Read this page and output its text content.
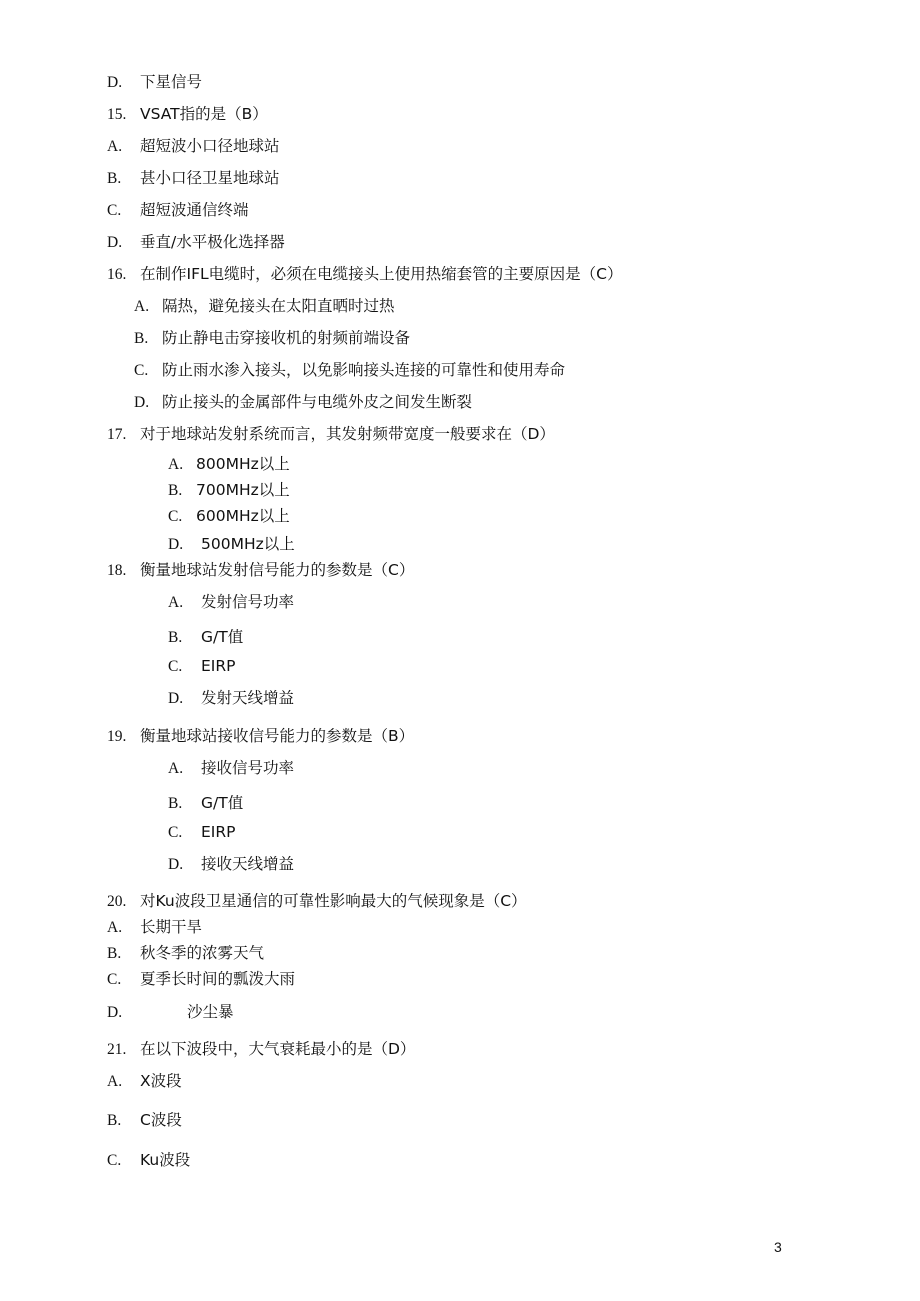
D. 下星信号
15. VSAT指的是（B）
A. 超短波小口径地球站
B. 甚小口径卫星地球站
C. 超短波通信终端
D. 垂直/水平极化选择器
16. 在制作IFL电缆时，必须在电缆接头上使用热缩套管的主要原因是（C）
A. 隔热，避免接头在太阳直晒时过热
B. 防止静电击穿接收机的射频前端设备
C. 防止雨水渗入接头，以免影响接头连接的可靠性和使用寿命
D. 防止接头的金属部件与电缆外皮之间发生断裂
17. 对于地球站发射系统而言，其发射频带宽度一般要求在（D）
A. 800MHz以上
B. 700MHz以上
C. 600MHz以上
D. 500MHz以上
18. 衡量地球站发射信号能力的参数是（C）
A. 发射信号功率
B. G/T值
C. EIRP
D. 发射天线增益
19. 衡量地球站接收信号能力的参数是（B）
A. 接收信号功率
B. G/T值
C. EIRP
D. 接收天线增益
20. 对Ku波段卫星通信的可靠性影响最大的气候现象是（C）
A. 长期干旱
B. 秋冬季的浓雾天气
C. 夏季长时间的瓢泼大雨
D.	沙尘暴
21. 在以下波段中，大气衰耗最小的是（D）
A. X波段
B. C波段
C. Ku波段
3
